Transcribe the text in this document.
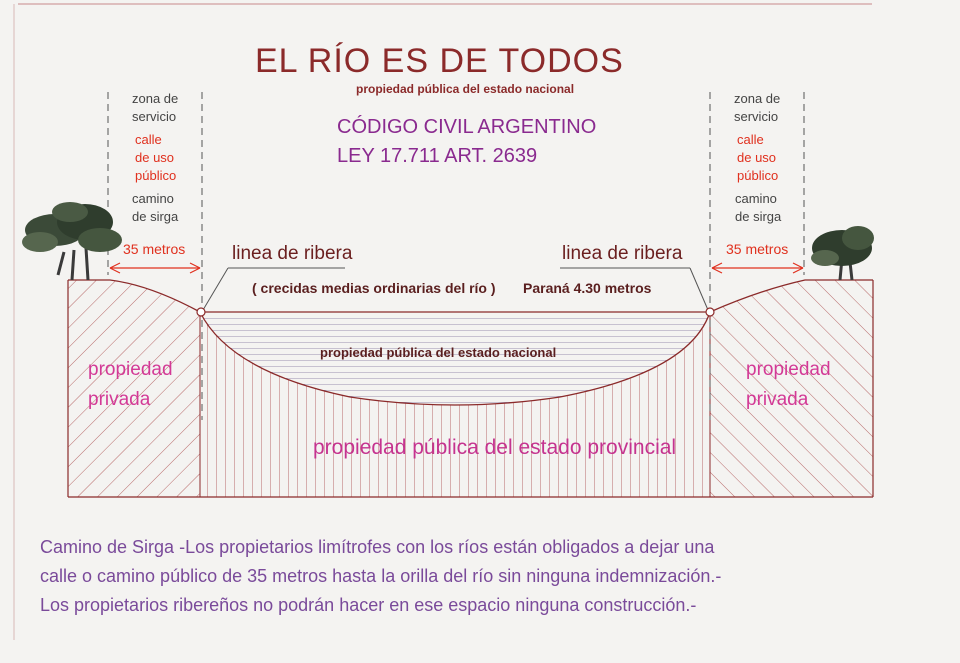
EL RÍO ES DE TODOS
propiedad pública del estado nacional
CÓDIGO CIVIL ARGENTINO
LEY 17.711 ART. 2639
zona de
servicio
calle
de uso
público
camino
de sirga
35 metros
zona de
servicio
calle
de uso
público
camino
de sirga
35 metros
linea de ribera	linea de ribera
( crecidas medias ordinarias del río ) Paraná 4.30 metros
propiedad pública del estado nacional
propiedad pública del estado provincial
propiedad
privada
propiedad
privada
Camino de Sirga -Los propietarios limítrofes con los ríos están obligados a dejar una
calle o camino público de 35 metros hasta la orilla del río sin ninguna indemnización.-
Los propietarios ribereños no podrán hacer en ese espacio ninguna construcción.-
